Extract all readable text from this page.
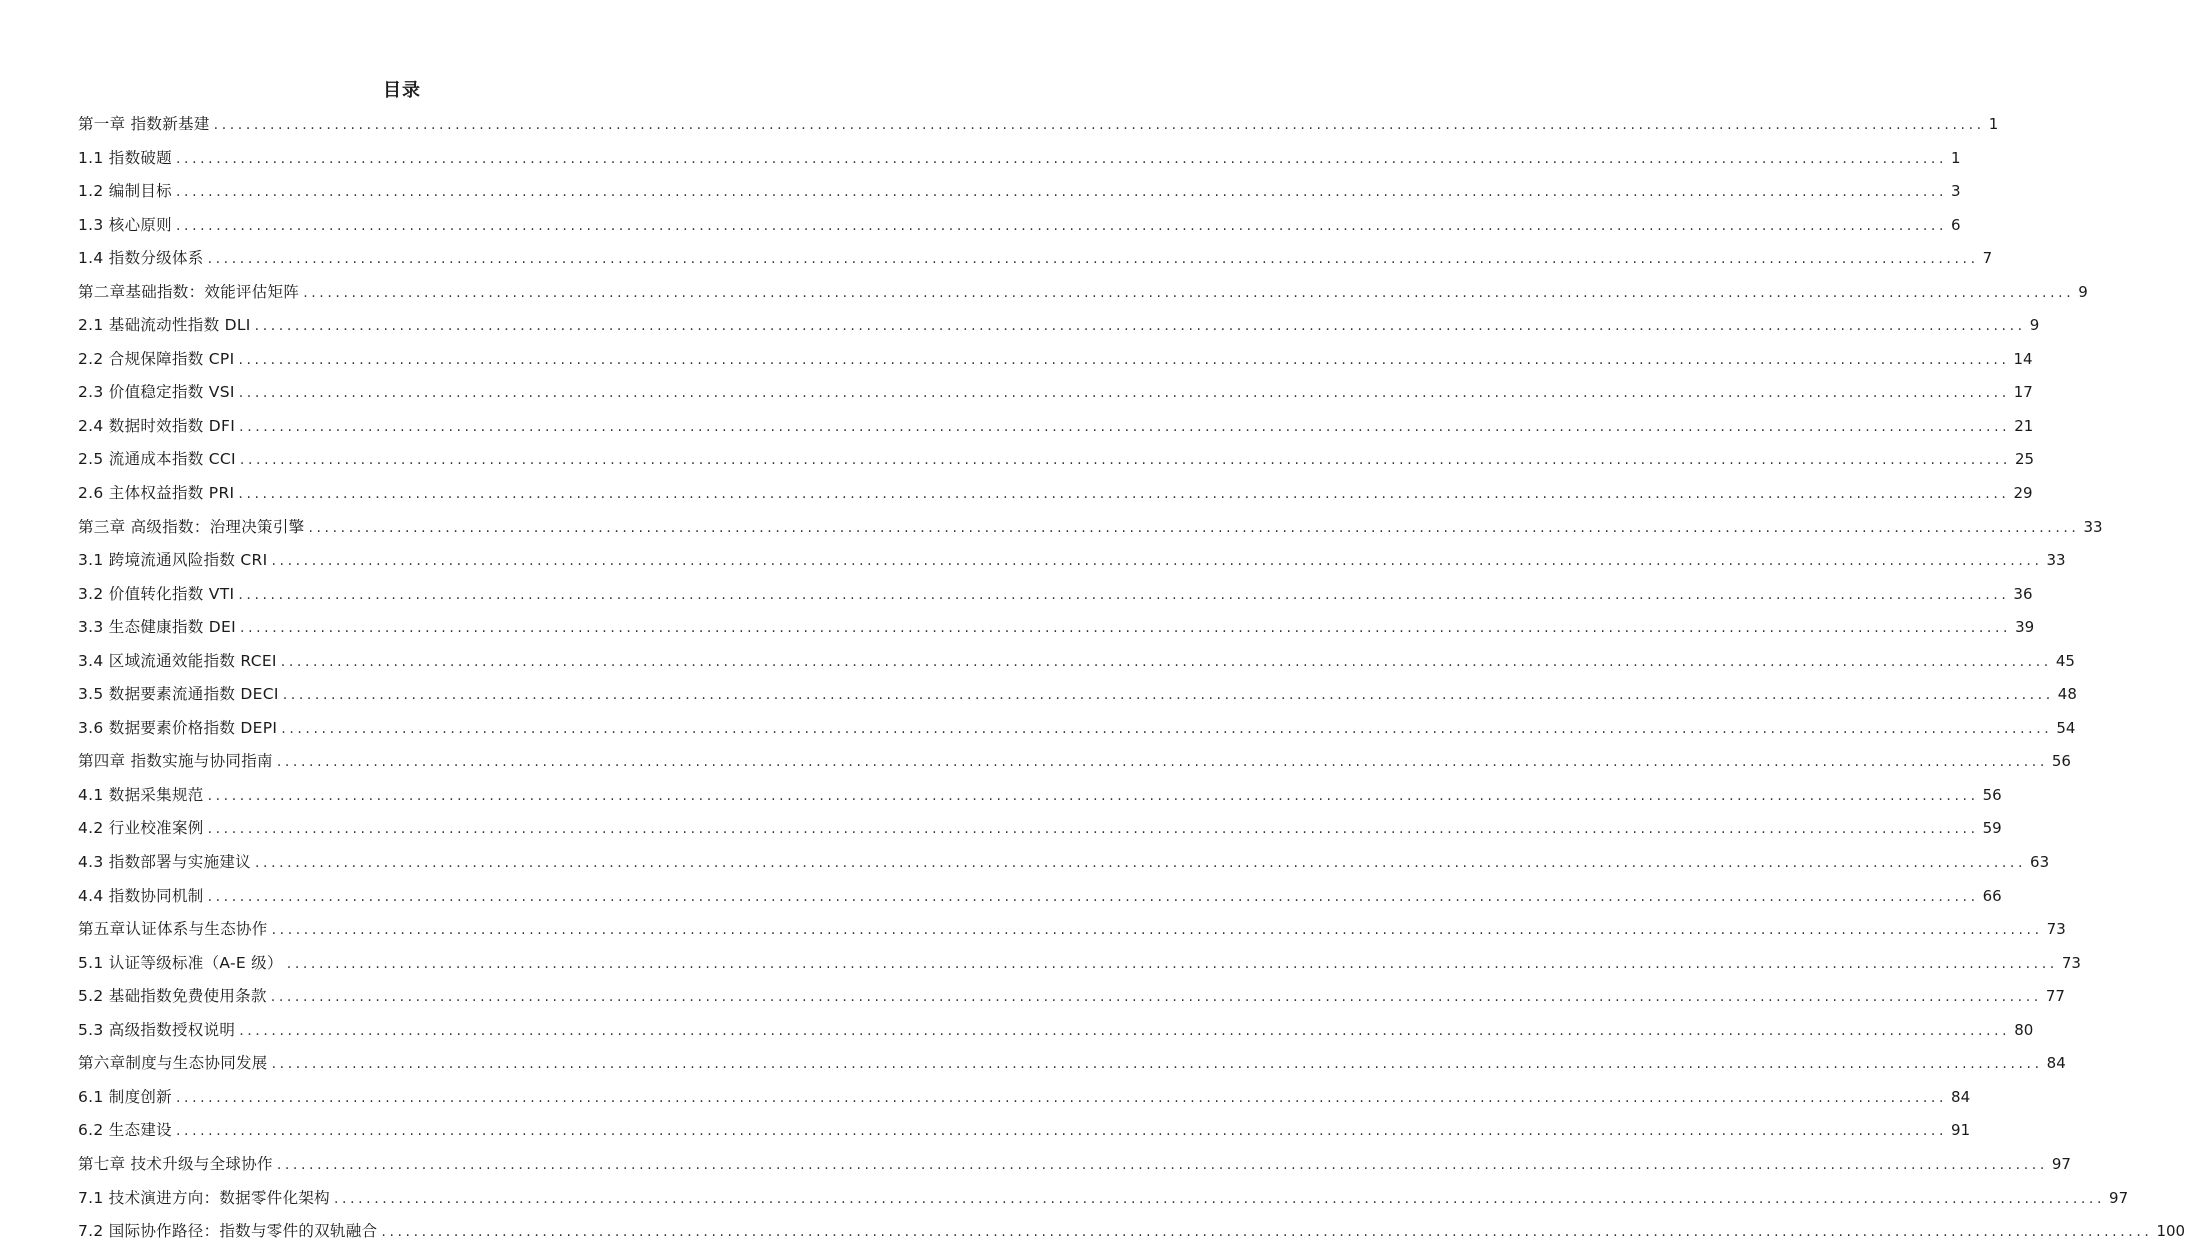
目录
第一章 指数新基建 ............................................................................................................................................................................................................................ 1
1.1 指数破题 ............................................................................................................................................................................................................................ 1
1.2 编制目标 ............................................................................................................................................................................................................................ 3
1.3 核心原则 ............................................................................................................................................................................................................................ 6
1.4 指数分级体系 ............................................................................................................................................................................................................................ 7
第二章基础指数：效能评估矩阵 ............................................................................................................................................................................................................................ 9
2.1 基础流动性指数 DLI ............................................................................................................................................................................................................................ 9
2.2 合规保障指数 CPI ............................................................................................................................................................................................................................ 14
2.3 价值稳定指数 VSI ............................................................................................................................................................................................................................ 17
2.4 数据时效指数 DFI ............................................................................................................................................................................................................................ 21
2.5 流通成本指数 CCI ............................................................................................................................................................................................................................ 25
2.6 主体权益指数 PRI ............................................................................................................................................................................................................................ 29
第三章 高级指数：治理决策引擎 ............................................................................................................................................................................................................................ 33
3.1 跨境流通风险指数 CRI ............................................................................................................................................................................................................................ 33
3.2 价值转化指数 VTI ............................................................................................................................................................................................................................ 36
3.3 生态健康指数 DEI ............................................................................................................................................................................................................................ 39
3.4 区域流通效能指数 RCEI ............................................................................................................................................................................................................................ 45
3.5 数据要素流通指数 DECI ............................................................................................................................................................................................................................ 48
3.6 数据要素价格指数 DEPI ............................................................................................................................................................................................................................ 54
第四章 指数实施与协同指南 ............................................................................................................................................................................................................................ 56
4.1 数据采集规范 ............................................................................................................................................................................................................................ 56
4.2 行业校准案例 ............................................................................................................................................................................................................................ 59
4.3 指数部署与实施建议 ............................................................................................................................................................................................................................ 63
4.4 指数协同机制 ............................................................................................................................................................................................................................ 66
第五章认证体系与生态协作 ............................................................................................................................................................................................................................ 73
5.1 认证等级标准（A-E 级） ............................................................................................................................................................................................................................ 73
5.2 基础指数免费使用条款 ............................................................................................................................................................................................................................ 77
5.3 高级指数授权说明 ............................................................................................................................................................................................................................ 80
第六章制度与生态协同发展 ............................................................................................................................................................................................................................ 84
6.1 制度创新 ............................................................................................................................................................................................................................ 84
6.2 生态建设 ............................................................................................................................................................................................................................ 91
第七章 技术升级与全球协作 ............................................................................................................................................................................................................................ 97
7.1 技术演进方向：数据零件化架构 ............................................................................................................................................................................................................................ 97
7.2 国际协作路径：指数与零件的双轨融合 ............................................................................................................................................................................................................................ 100
